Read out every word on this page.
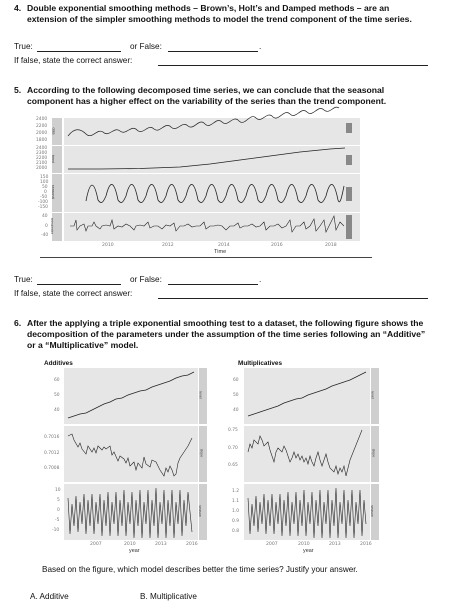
4. Double exponential smoothing methods – Brown’s, Holt’s and Damped methods – are an
extension of the simpler smoothing methods to model the trend component of the time series.
True:	or False:	.
If false, state the correct answer:
5. According to the following decomposed time series, we can conclude that the seasonal
component has a higher effect on the variability of the series than the trend component.
data
trend
seasonal
remainder
2400
2200
2000
1800
2400
2300
2200
2100
2000
150
100
50
0
-50
-100
-150
40
0
-40
2010	2012	2014	2016	2018
Time
True:	or False:	.
If false, state the correct answer:
6. After the applying a triple exponential smoothing test to a dataset, the following figure shows the
decomposition of the parameters under the assumption of the time series following an “Additive”
or a “Multiplicative” model.
Additives
level
slope
season
60
50
40
0.7016
0.7012
0.7008
10
5
0
-5
-10
2007	2010	2013	2016
year
Multiplicatives
level
slope
season
60
50
40
0.75
0.70
0.65
1.2
1.1
1.0
0.9
0.8
2007	2010	2013	2016
year
Based on the figure, which model describes better the time series? Justify your answer.
A. Additive	B. Multiplicative
